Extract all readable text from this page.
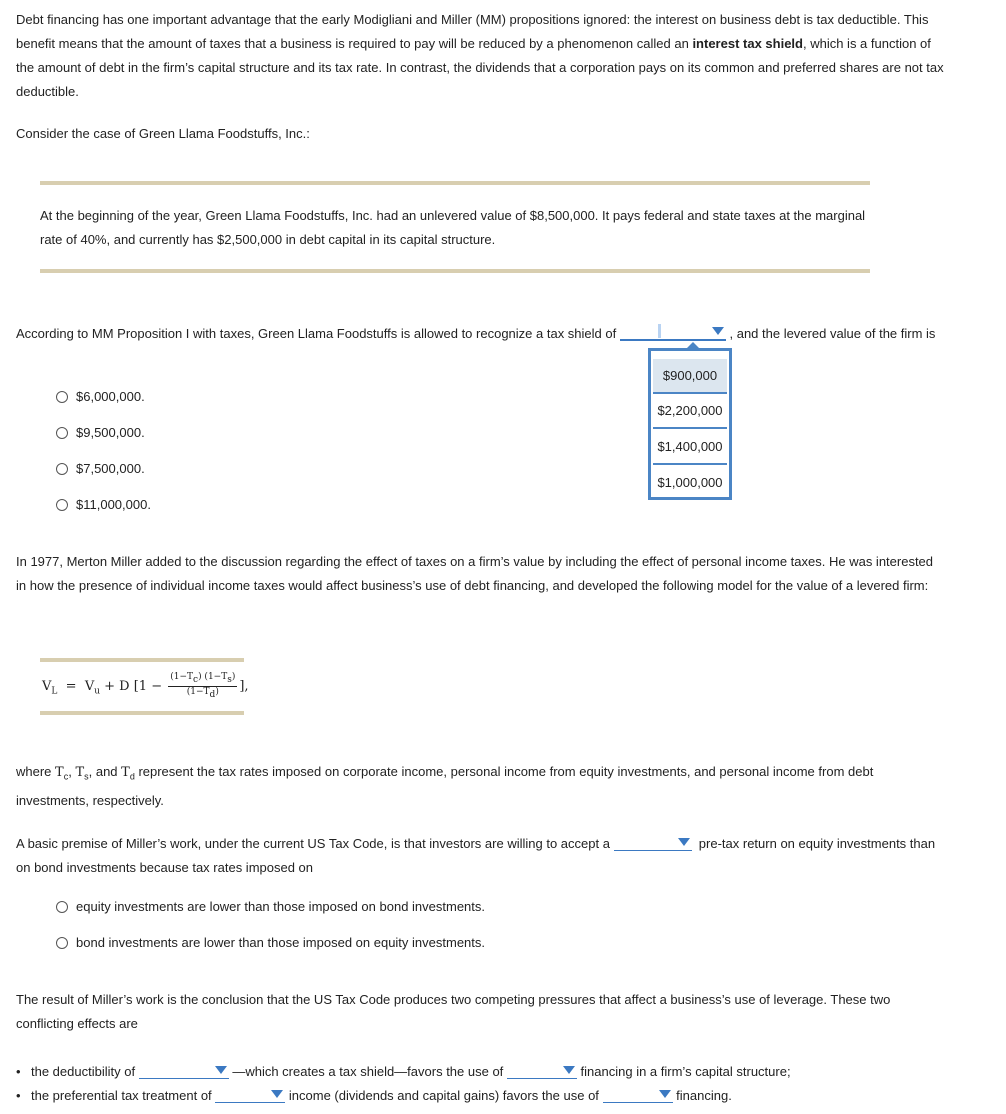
Debt financing has one important advantage that the early Modigliani and Miller (MM) propositions ignored: the interest on business debt is tax deductible. This benefit means that the amount of taxes that a business is required to pay will be reduced by a phenomenon called an interest tax shield, which is a function of the amount of debt in the firm’s capital structure and its tax rate. In contrast, the dividends that a corporation pays on its common and preferred shares are not tax deductible.

Consider the case of Green Llama Foodstuffs, Inc.:

At the beginning of the year, Green Llama Foodstuffs, Inc. had an unlevered value of $8,500,000. It pays federal and state taxes at the marginal rate of 40%, and currently has $2,500,000 in debt capital in its capital structure.

According to MM Proposition I with taxes, Green Llama Foodstuffs is allowed to recognize a tax shield of	, and the levered value of the firm is

$900,000
$2,200,000
$1,400,000
$1,000,000
$6,000,000.
$9,500,000.
$7,500,000.
$11,000,000.

In 1977, Merton Miller added to the discussion regarding the effect of taxes on a firm’s value by including the effect of personal income taxes. He was interested in how the presence of individual income taxes would affect business’s use of debt financing, and developed the following model for the value of a levered firm:

$V_L = V_u + D$ [$1 - \frac{(1-T_c) (1-T_s)}{(1-T_d)}$ ],

where $T_c$, $T_s$, and $T_d$ represent the tax rates imposed on corporate income, personal income from equity investments, and personal income from debt investments, respectively.

A basic premise of Miller’s work, under the current US Tax Code, is that investors are willing to accept a	pre-tax return on equity investments than on bond investments because tax rates imposed on

equity investments are lower than those imposed on bond investments.
bond investments are lower than those imposed on equity investments.

The result of Miller’s work is the conclusion that the US Tax Code produces two competing pressures that affect a business’s use of leverage. These two conflicting effects are

• the deductibility of	—which creates a tax shield—favors the use of	financing in a firm’s capital structure;
• the preferential tax treatment of	income (dividends and capital gains) favors the use of	financing.
